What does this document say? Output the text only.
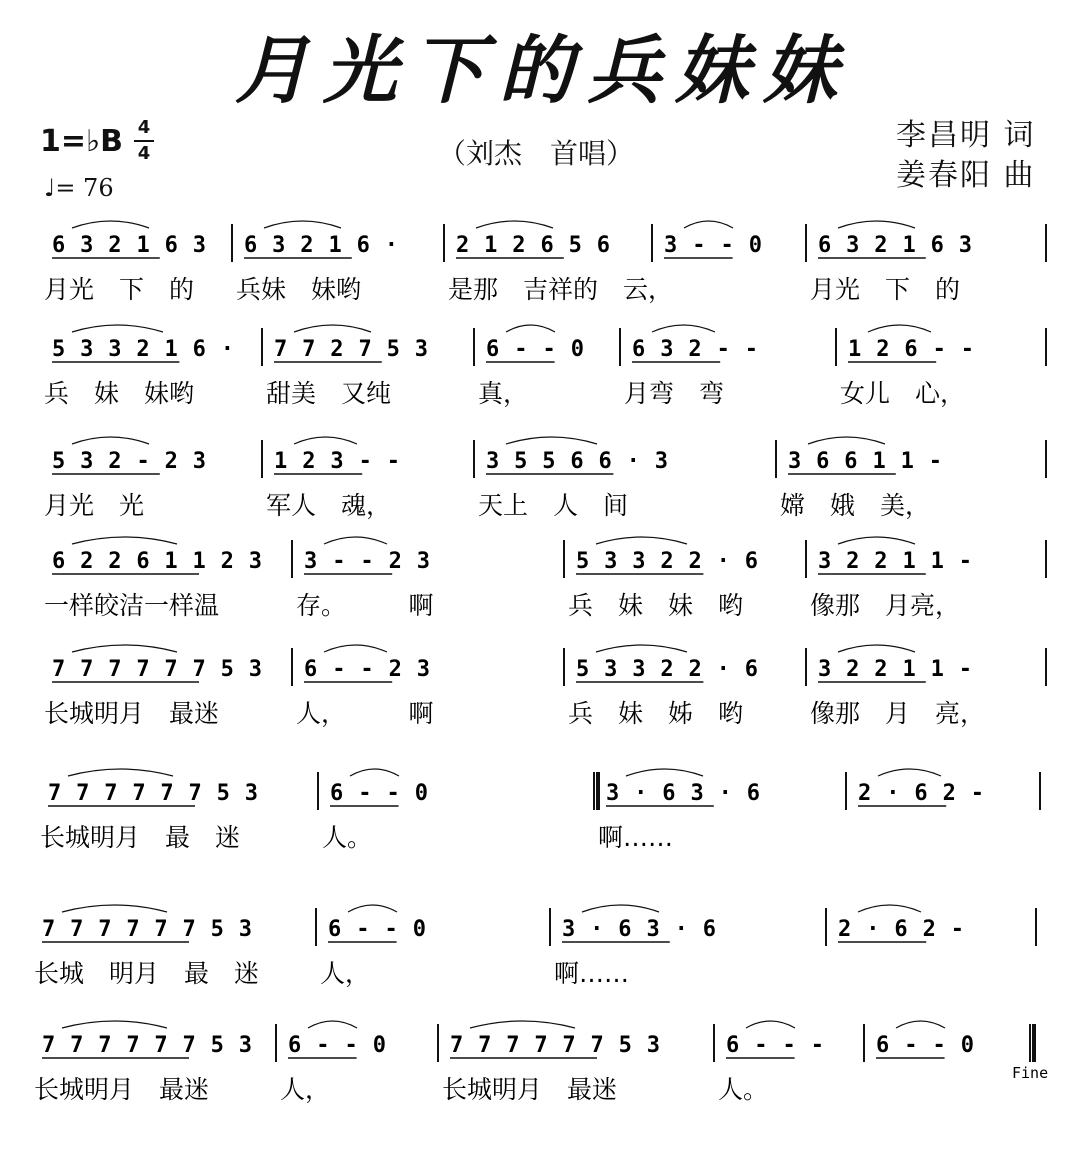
月光下的兵妹妹
1=♭B 4
4
♩= 76
（刘杰　首唱）
李昌明 词
姜春阳 曲
6 3 2 1 6 3
月光　下　的
6 3 2 1 6 ·
兵妹　妹哟
2 1 2 6 5 6
是那　吉祥的　云，
3 - - 0	6 3 2 1 6 3
月光　下　的
5 3 3 2 1 6 ·
兵　妹　妹哟
7 7 2 7 5 3
甜美　又纯
6 - - 0
真，
6 3 2 - -
月弯　弯
1 2 6 - -
女儿　心，
5 3 2 - 2 3
月光　光
1 2 3 - -
军人　魂，
3 5 5 6 6 · 3
天上　人　间
3 6 6 1 1 -
嫦　娥　美，
6 2 2 6 1 1 2 3
一样皎洁一样温
3 - - 2 3
存。　　　啊
5 3 3 2 2 · 6
兵　妹　妹　哟
3 2 2 1 1 -
像那　月亮，
7 7 7 7 7 7 5 3
长城明月　最迷
6 - - 2 3
人，　　　啊
5 3 3 2 2 · 6
兵　妹　姊　哟
3 2 2 1 1 -
像那　月　亮，
7 7 7 7 7 7 5 3
长城明月　最　迷
6 - - 0
人。
3 · 6 3 · 6
啊……
2 · 6 2 -
7 7 7 7 7 7 5 3
长城　明月　最　迷
6 - - 0
人，
3 · 6 3 · 6
啊……
2 · 6 2 -
7 7 7 7 7 7 5 3
长城明月　最迷
6 - - 0
人，
7 7 7 7 7 7 5 3
长城明月　最迷
6 - - -
人。
6 - - 0
Fine
